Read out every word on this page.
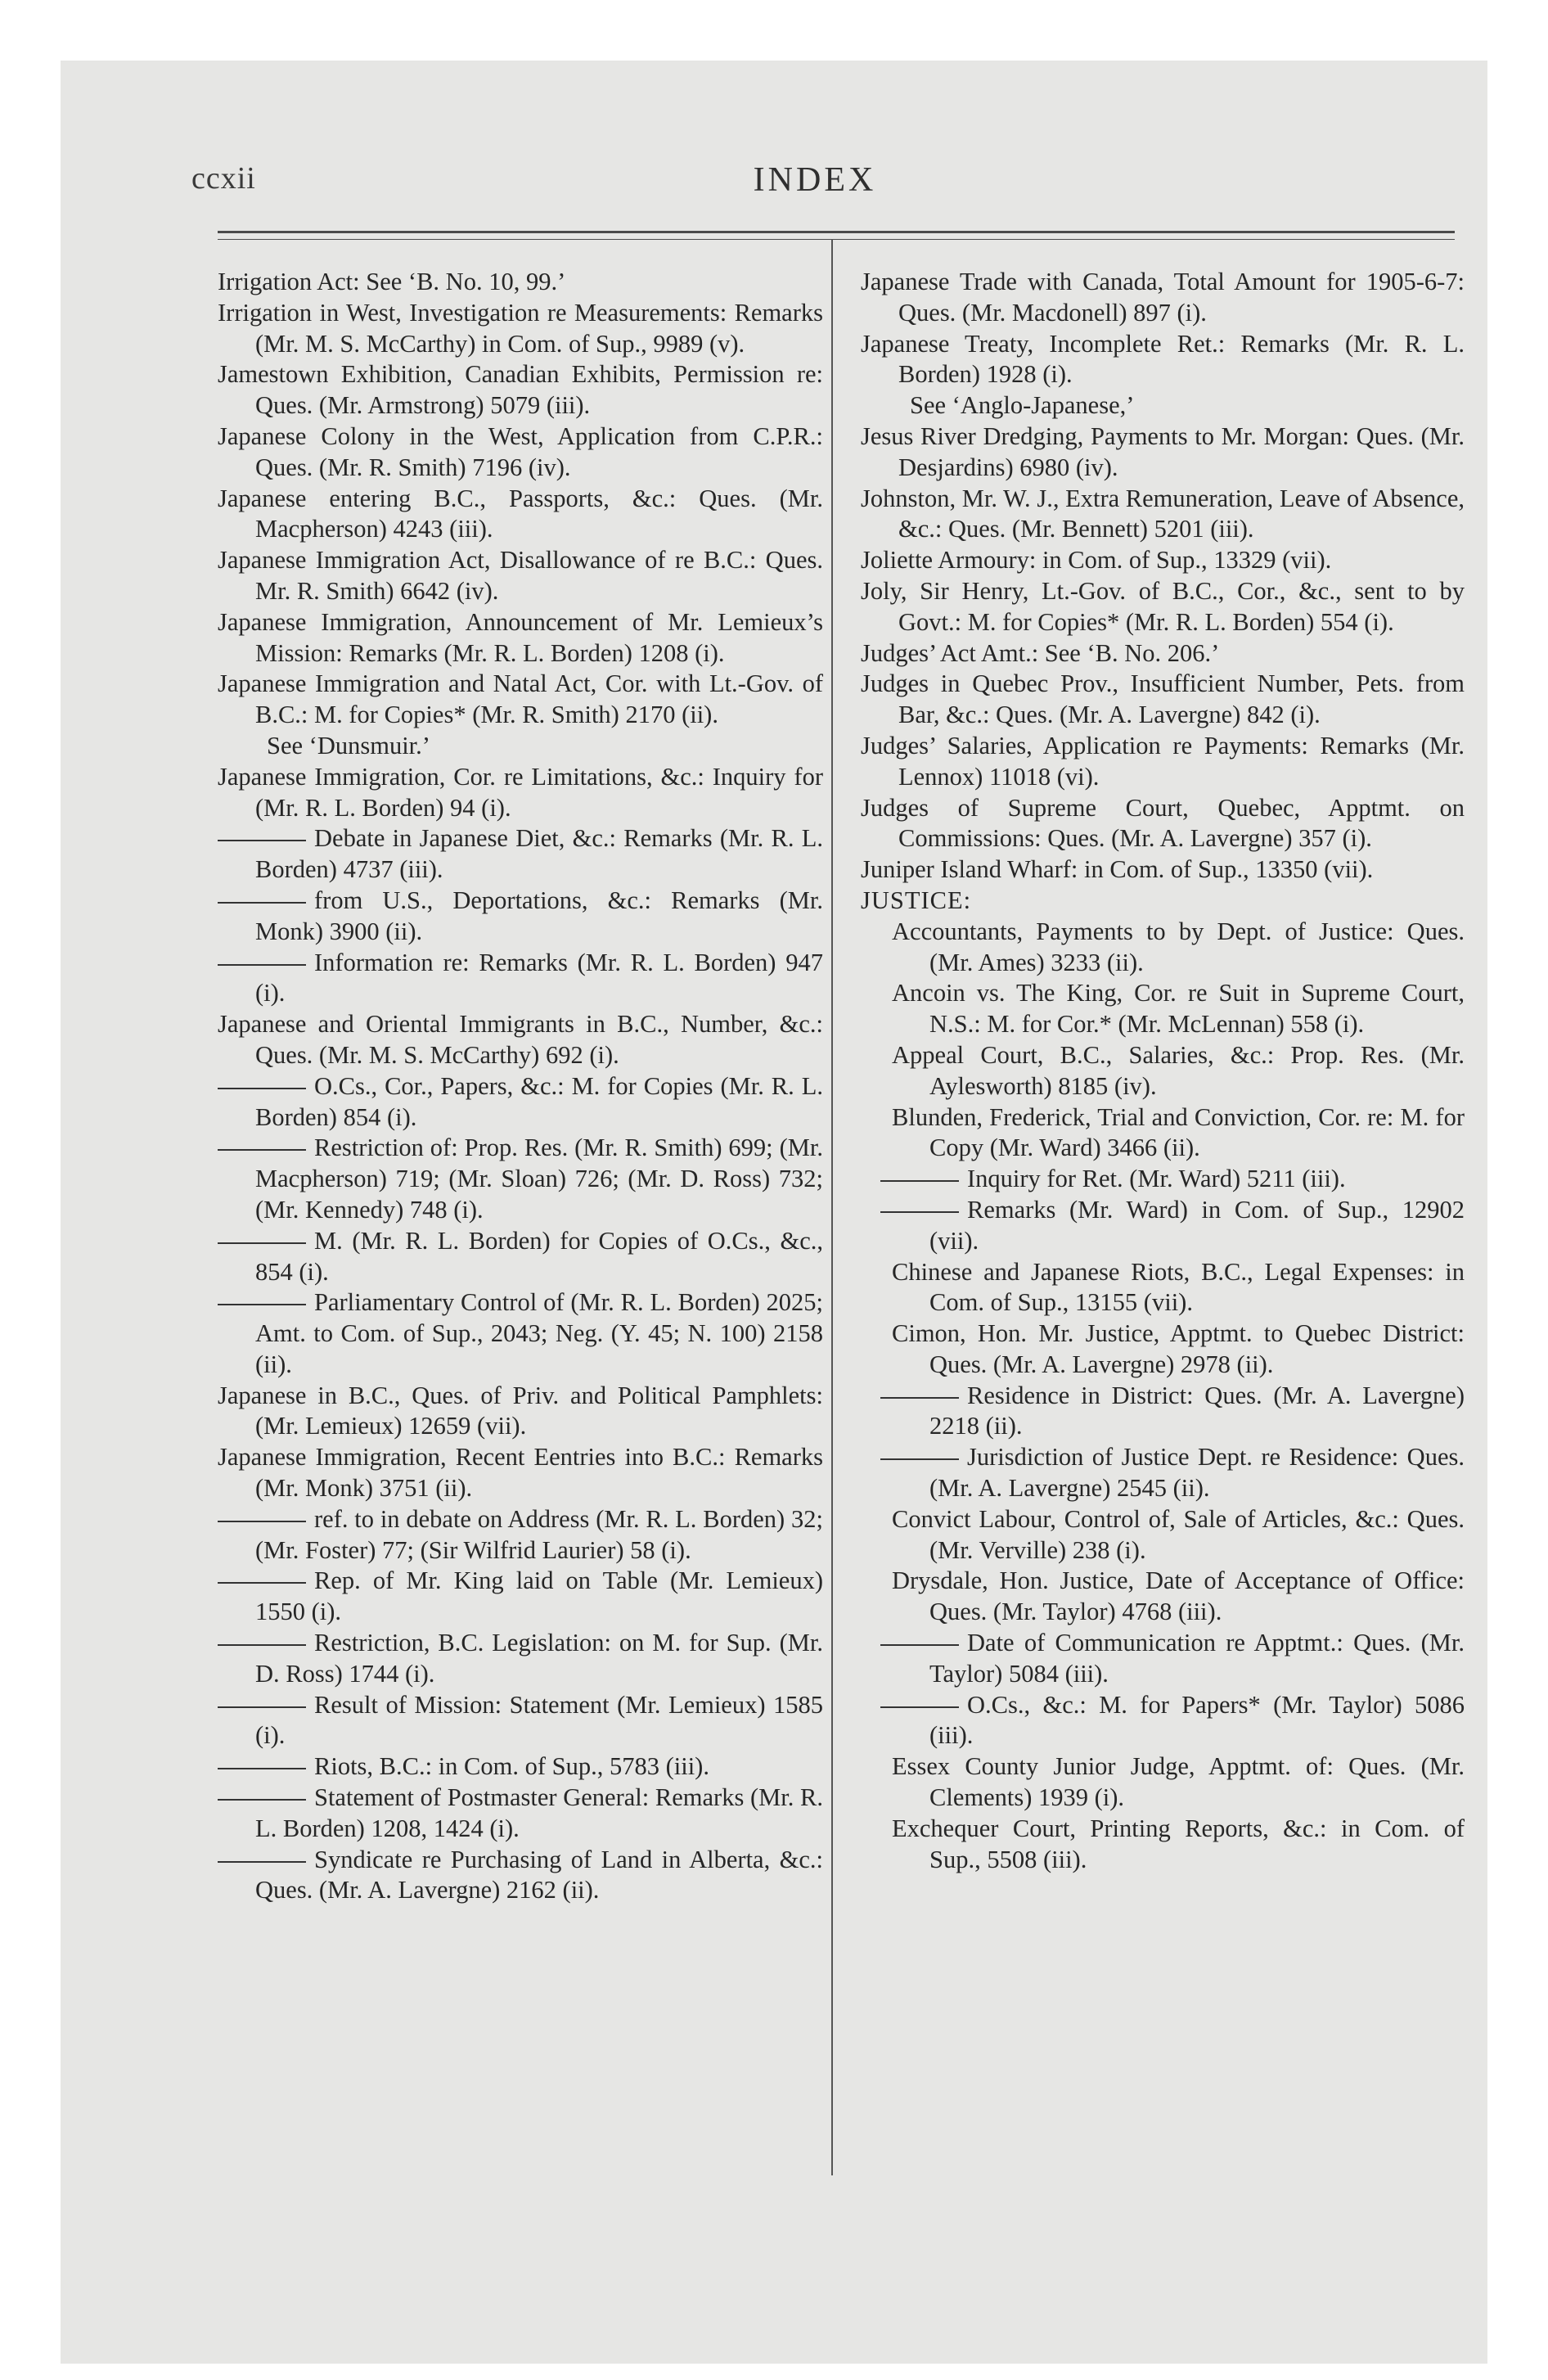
ccxii	INDEX

Irrigation Act: See ‘B. No. 10, 99.’

Irrigation in West, Investigation re Measurements: Remarks (Mr. M. S. McCarthy) in Com. of Sup., 9989 (v).

Jamestown Exhibition, Canadian Exhibits, Permission re: Ques. (Mr. Armstrong) 5079 (iii).

Japanese Colony in the West, Application from C.P.R.: Ques. (Mr. R. Smith) 7196 (iv).

Japanese entering B.C., Passports, &c.: Ques. (Mr. Macpherson) 4243 (iii).

Japanese Immigration Act, Disallowance of re B.C.: Ques. Mr. R. Smith) 6642 (iv).

Japanese Immigration, Announcement of Mr. Lemieux’s Mission: Remarks (Mr. R. L. Borden) 1208 (i).

Japanese Immigration and Natal Act, Cor. with Lt.-Gov. of B.C.: M. for Copies* (Mr. R. Smith) 2170 (ii).

See ‘Dunsmuir.’

Japanese Immigration, Cor. re Limitations, &c.: Inquiry for (Mr. R. L. Borden) 94 (i).

Debate in Japanese Diet, &c.: Remarks (Mr. R. L. Borden) 4737 (iii).

from U.S., Deportations, &c.: Remarks (Mr. Monk) 3900 (ii).

Information re: Remarks (Mr. R. L. Borden) 947 (i).

Japanese and Oriental Immigrants in B.C., Number, &c.: Ques. (Mr. M. S. McCarthy) 692 (i).

O.Cs., Cor., Papers, &c.: M. for Copies (Mr. R. L. Borden) 854 (i).

Restriction of: Prop. Res. (Mr. R. Smith) 699; (Mr. Macpherson) 719; (Mr. Sloan) 726; (Mr. D. Ross) 732; (Mr. Kennedy) 748 (i).

M. (Mr. R. L. Borden) for Copies of O.Cs., &c., 854 (i).

Parliamentary Control of (Mr. R. L. Borden) 2025; Amt. to Com. of Sup., 2043; Neg. (Y. 45; N. 100) 2158 (ii).

Japanese in B.C., Ques. of Priv. and Political Pamphlets: (Mr. Lemieux) 12659 (vii).

Japanese Immigration, Recent Eentries into B.C.: Remarks (Mr. Monk) 3751 (ii).

ref. to in debate on Address (Mr. R. L. Borden) 32; (Mr. Foster) 77; (Sir Wilfrid Laurier) 58 (i).

Rep. of Mr. King laid on Table (Mr. Lemieux) 1550 (i).

Restriction, B.C. Legislation: on M. for Sup. (Mr. D. Ross) 1744 (i).

Result of Mission: Statement (Mr. Lemieux) 1585 (i).

Riots, B.C.: in Com. of Sup., 5783 (iii).

Statement of Postmaster General: Remarks (Mr. R. L. Borden) 1208, 1424 (i).

Syndicate re Purchasing of Land in Alberta, &c.: Ques. (Mr. A. Lavergne) 2162 (ii).

Japanese Trade with Canada, Total Amount for 1905-6-7: Ques. (Mr. Macdonell) 897 (i).

Japanese Treaty, Incomplete Ret.: Remarks (Mr. R. L. Borden) 1928 (i).

See ‘Anglo-Japanese,’

Jesus River Dredging, Payments to Mr. Morgan: Ques. (Mr. Desjardins) 6980 (iv).

Johnston, Mr. W. J., Extra Remuneration, Leave of Absence, &c.: Ques. (Mr. Bennett) 5201 (iii).

Joliette Armoury: in Com. of Sup., 13329 (vii).

Joly, Sir Henry, Lt.-Gov. of B.C., Cor., &c., sent to by Govt.: M. for Copies* (Mr. R. L. Borden) 554 (i).

Judges’ Act Amt.: See ‘B. No. 206.’

Judges in Quebec Prov., Insufficient Number, Pets. from Bar, &c.: Ques. (Mr. A. Lavergne) 842 (i).

Judges’ Salaries, Application re Payments: Remarks (Mr. Lennox) 11018 (vi).

Judges of Supreme Court, Quebec, Apptmt. on Commissions: Ques. (Mr. A. Lavergne) 357 (i).

Juniper Island Wharf: in Com. of Sup., 13350 (vii).

JUSTICE:

Accountants, Payments to by Dept. of Justice: Ques. (Mr. Ames) 3233 (ii).

Ancoin vs. The King, Cor. re Suit in Supreme Court, N.S.: M. for Cor.* (Mr. McLennan) 558 (i).

Appeal Court, B.C., Salaries, &c.: Prop. Res. (Mr. Aylesworth) 8185 (iv).

Blunden, Frederick, Trial and Conviction, Cor. re: M. for Copy (Mr. Ward) 3466 (ii).

Inquiry for Ret. (Mr. Ward) 5211 (iii).

Remarks (Mr. Ward) in Com. of Sup., 12902 (vii).

Chinese and Japanese Riots, B.C., Legal Expenses: in Com. of Sup., 13155 (vii).

Cimon, Hon. Mr. Justice, Apptmt. to Quebec District: Ques. (Mr. A. Lavergne) 2978 (ii).

Residence in District: Ques. (Mr. A. Lavergne) 2218 (ii).

Jurisdiction of Justice Dept. re Residence: Ques. (Mr. A. Lavergne) 2545 (ii).

Convict Labour, Control of, Sale of Articles, &c.: Ques. (Mr. Verville) 238 (i).

Drysdale, Hon. Justice, Date of Acceptance of Office: Ques. (Mr. Taylor) 4768 (iii).

Date of Communication re Apptmt.: Ques. (Mr. Taylor) 5084 (iii).

O.Cs., &c.: M. for Papers* (Mr. Taylor) 5086 (iii).

Essex County Junior Judge, Apptmt. of: Ques. (Mr. Clements) 1939 (i).

Exchequer Court, Printing Reports, &c.: in Com. of Sup., 5508 (iii).
